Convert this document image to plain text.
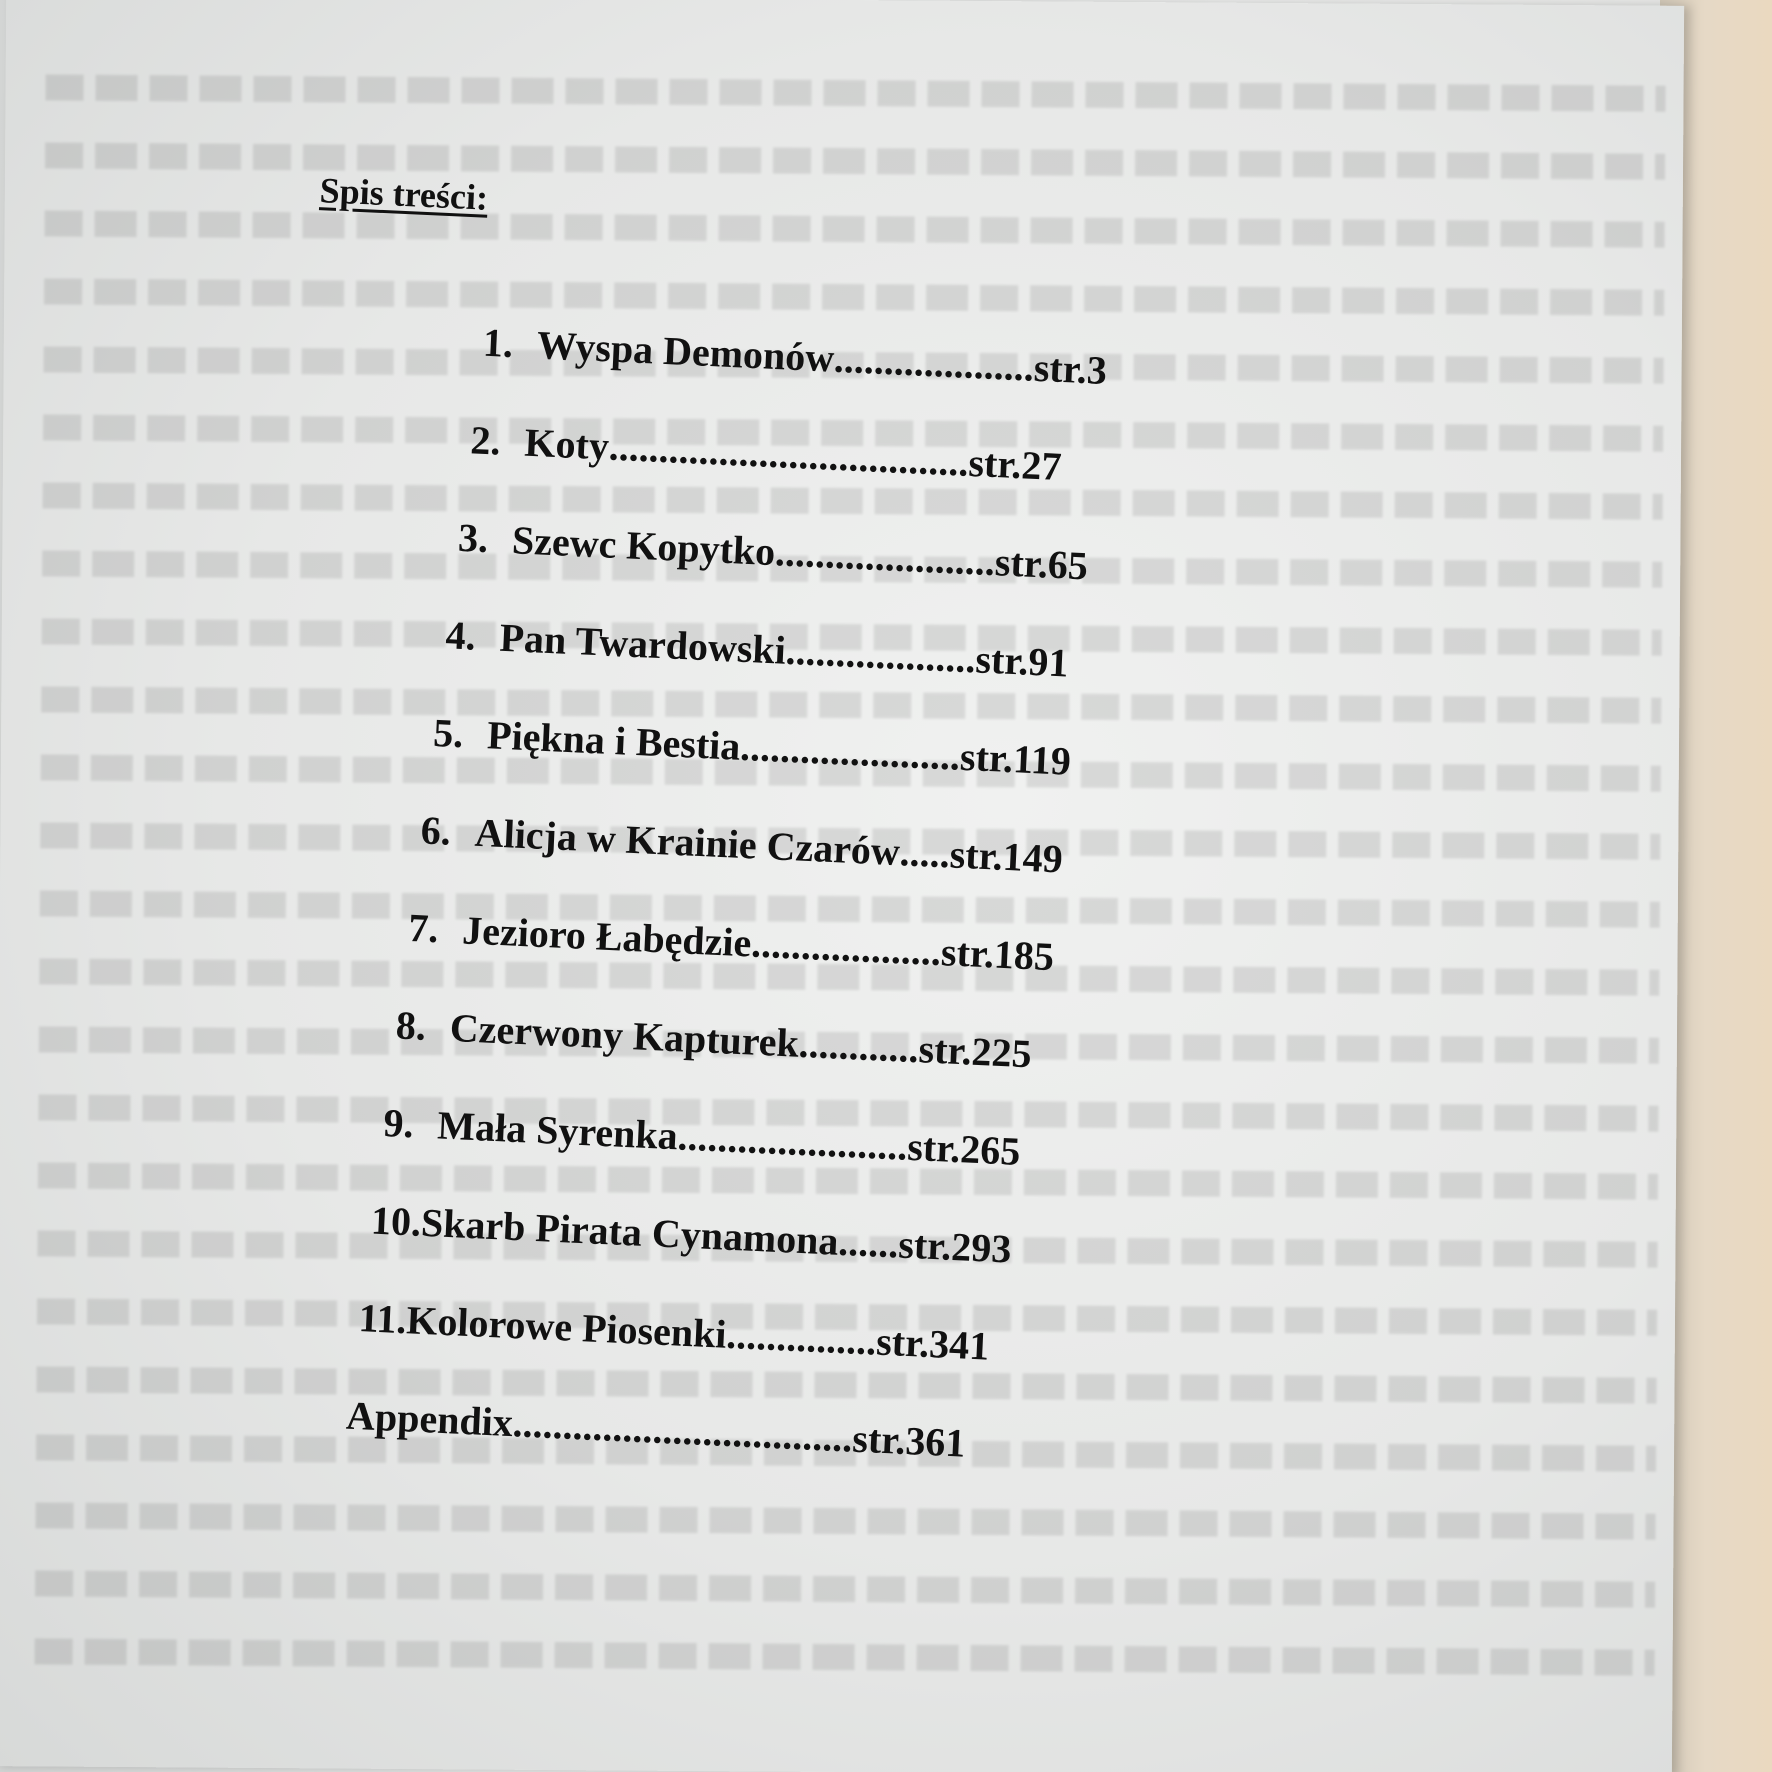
Spis treści:
1. Wyspa Demonów
....................
str.3
2. Koty
....................................
str.27
3. Szewc Kopytko
......................
str.65
4. Pan Twardowski
...................
str.91
5. Piękna i Bestia
......................
str.119
6. Alicja w Krainie Czarów
.....
str.149
7. Jezioro Łabędzie
...................
str.185
8. Czerwony Kapturek
............
str.225
9. Mała Syrenka
.......................
str.265
10.
Skarb Pirata Cynamona
......
str.293
11.
Kolorowe Piosenki
...............
str.341
Appendix
..................................
str.361
